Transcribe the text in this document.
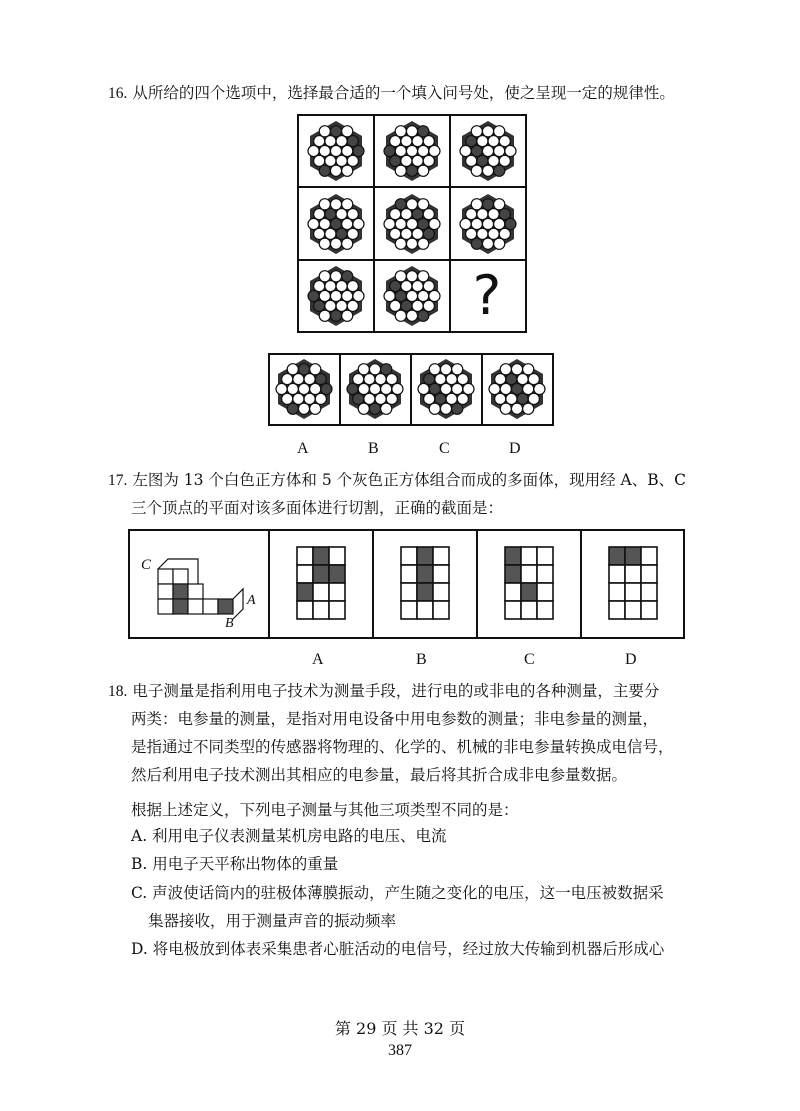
16. 从所给的四个选项中，选择最合适的一个填入问号处，使之呈现一定的规律性。
?
A	B	C	D
17. 左图为 13 个白色正方体和 5 个灰色正方体组合而成的多面体，现用经 A、B、C
三个顶点的平面对该多面体进行切割，正确的截面是：
C
A
B
A	B	C	D
18. 电子测量是指利用电子技术为测量手段，进行电的或非电的各种测量，主要分
两类：电参量的测量，是指对用电设备中用电参数的测量；非电参量的测量，
是指通过不同类型的传感器将物理的、化学的、机械的非电参量转换成电信号，
然后利用电子技术测出其相应的电参量，最后将其折合成非电参量数据。
根据上述定义，下列电子测量与其他三项类型不同的是：
A. 利用电子仪表测量某机房电路的电压、电流
B. 用电子天平称出物体的重量
C. 声波使话筒内的驻极体薄膜振动，产生随之变化的电压，这一电压被数据采
集器接收，用于测量声音的振动频率
D. 将电极放到体表采集患者心脏活动的电信号，经过放大传输到机器后形成心
第 29 页 共 32 页
387
